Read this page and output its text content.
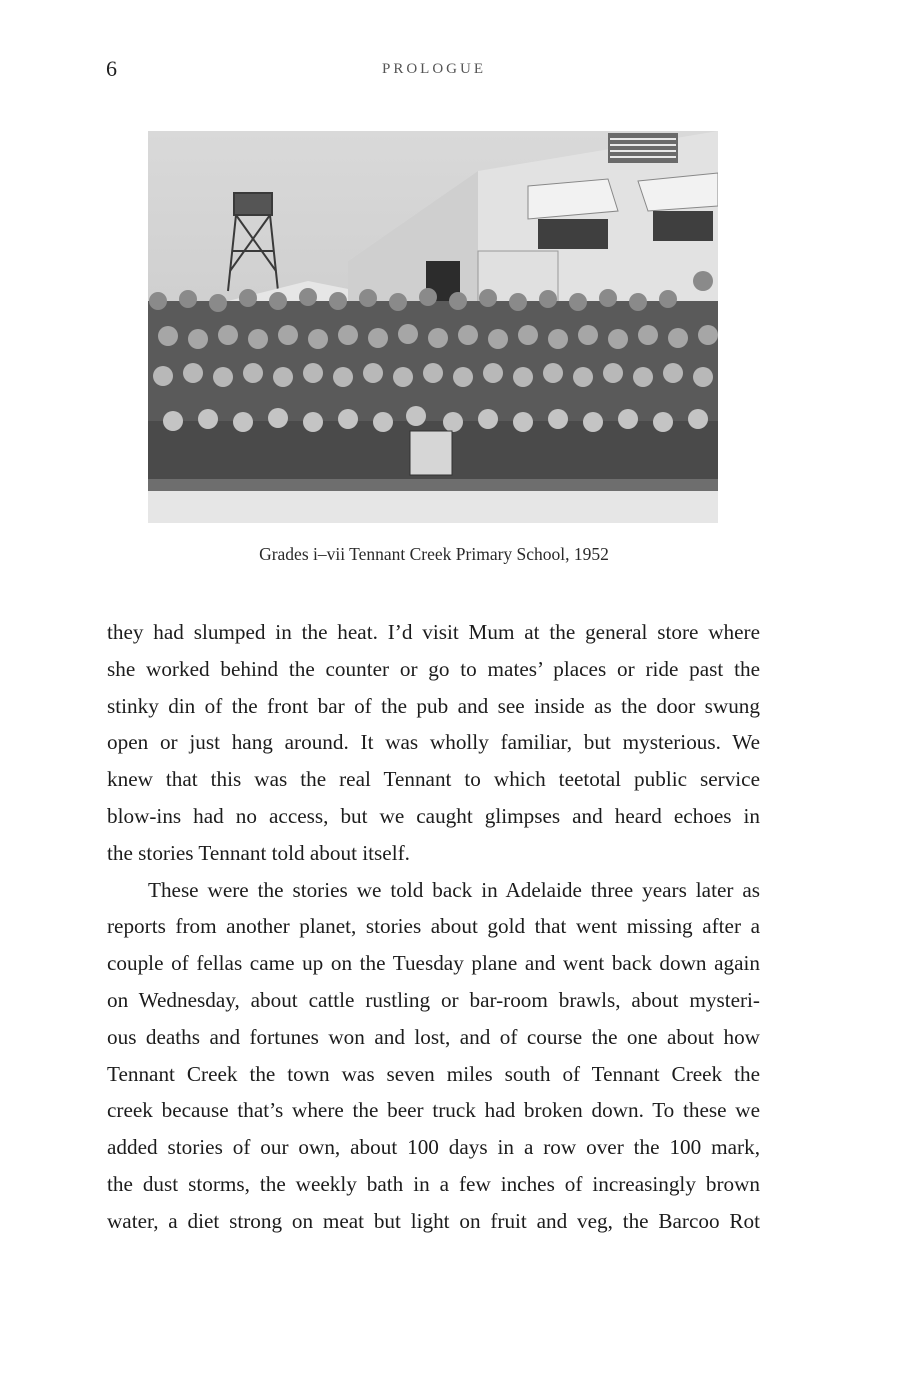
6	PROLOGUE
Grades i–vii Tennant Creek Primary School, 1952
they had slumped in the heat. I’d visit Mum at the general store where
she worked behind the counter or go to mates’ places or ride past the
stinky din of the front bar of the pub and see inside as the door swung
open or just hang around. It was wholly familiar, but mysterious. We
knew that this was the real Tennant to which teetotal public service
blow-ins had no access, but we caught glimpses and heard echoes in
the stories Tennant told about itself.
These were the stories we told back in Adelaide three years later as
reports from another planet, stories about gold that went missing after a
couple of fellas came up on the Tuesday plane and went back down again
on Wednesday, about cattle rustling or bar-room brawls, about mysteri-
ous deaths and fortunes won and lost, and of course the one about how
Tennant Creek the town was seven miles south of Tennant Creek the
creek because that’s where the beer truck had broken down. To these we
added stories of our own, about 100 days in a row over the 100 mark,
the dust storms, the weekly bath in a few inches of increasingly brown
water, a diet strong on meat but light on fruit and veg, the Barcoo Rot
